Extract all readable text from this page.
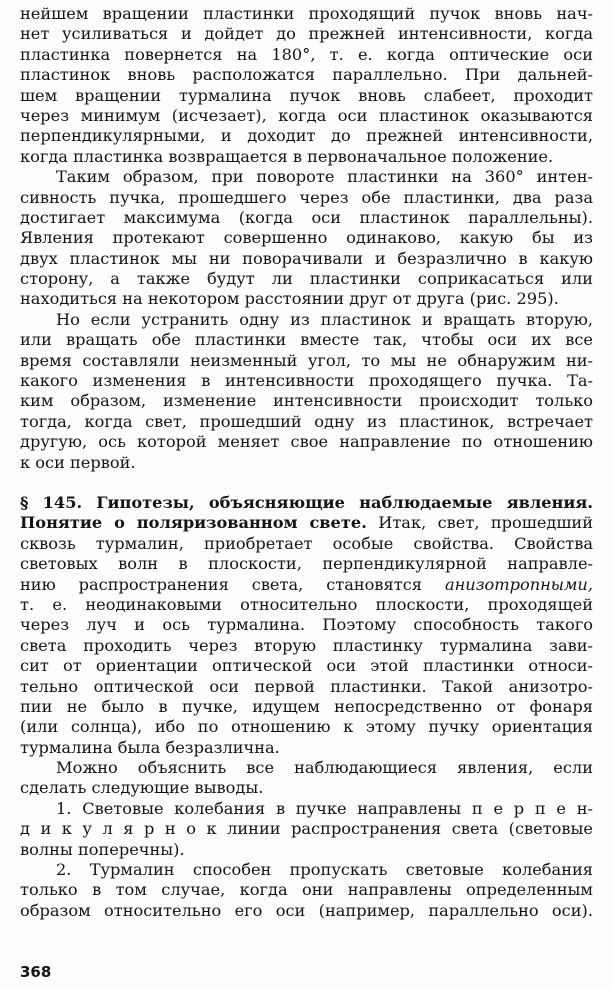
нейшем вращении пластинки проходящий пучок вновь нач-
нет усиливаться и дойдет до прежней интенсивности, когда
пластинка повернется на 180°, т. е. когда оптические оси
пластинок вновь расположатся параллельно. При дальней-
шем вращении турмалина пучок вновь слабеет, проходит
через минимум (исчезает), когда оси пластинок оказываются
перпендикулярными, и доходит до прежней интенсивности,
когда пластинка возвращается в первоначальное положение.
Таким образом, при повороте пластинки на 360° интен-
сивность пучка, прошедшего через обе пластинки, два раза
достигает максимума (когда оси пластинок параллельны).
Явления протекают совершенно одинаково, какую бы из
двух пластинок мы ни поворачивали и безразлично в какую
сторону, а также будут ли пластинки соприкасаться или
находиться на некотором расстоянии друг от друга (рис. 295).
Но если устранить одну из пластинок и вращать вторую,
или вращать обе пластинки вместе так, чтобы оси их все
время составляли неизменный угол, то мы не обнаружим ни-
какого изменения в интенсивности проходящего пучка. Та-
ким образом, изменение интенсивности происходит только
тогда, когда свет, прошедший одну из пластинок, встречает
другую, ось которой меняет свое направление по отношению
к оси первой.
§ 145. Гипотезы, объясняющие наблюдаемые явления.
Понятие о поляризованном свете. Итак, свет, прошедший
сквозь турмалин, приобретает особые свойства. Свойства
световых волн в плоскости, перпендикулярной направле-
нию распространения света, становятся анизотропными,
т. е. неодинаковыми относительно плоскости, проходящей
через луч и ось турмалина. Поэтому способность такого
света проходить через вторую пластинку турмалина зави-
сит от ориентации оптической оси этой пластинки относи-
тельно оптической оси первой пластинки. Такой анизотро-
пии не было в пучке, идущем непосредственно от фонаря
(или солнца), ибо по отношению к этому пучку ориентация
турмалина была безразлична.
Можно объяснить все наблюдающиеся явления, если
сделать следующие выводы.
1. Световые колебания в пучке направлены п е р п е н-
д и к у л я р н о к линии распространения света (световые
волны поперечны).
2. Турмалин способен пропускать световые колебания
только в том случае, когда они направлены определенным
образом относительно его оси (например, параллельно оси).
368
